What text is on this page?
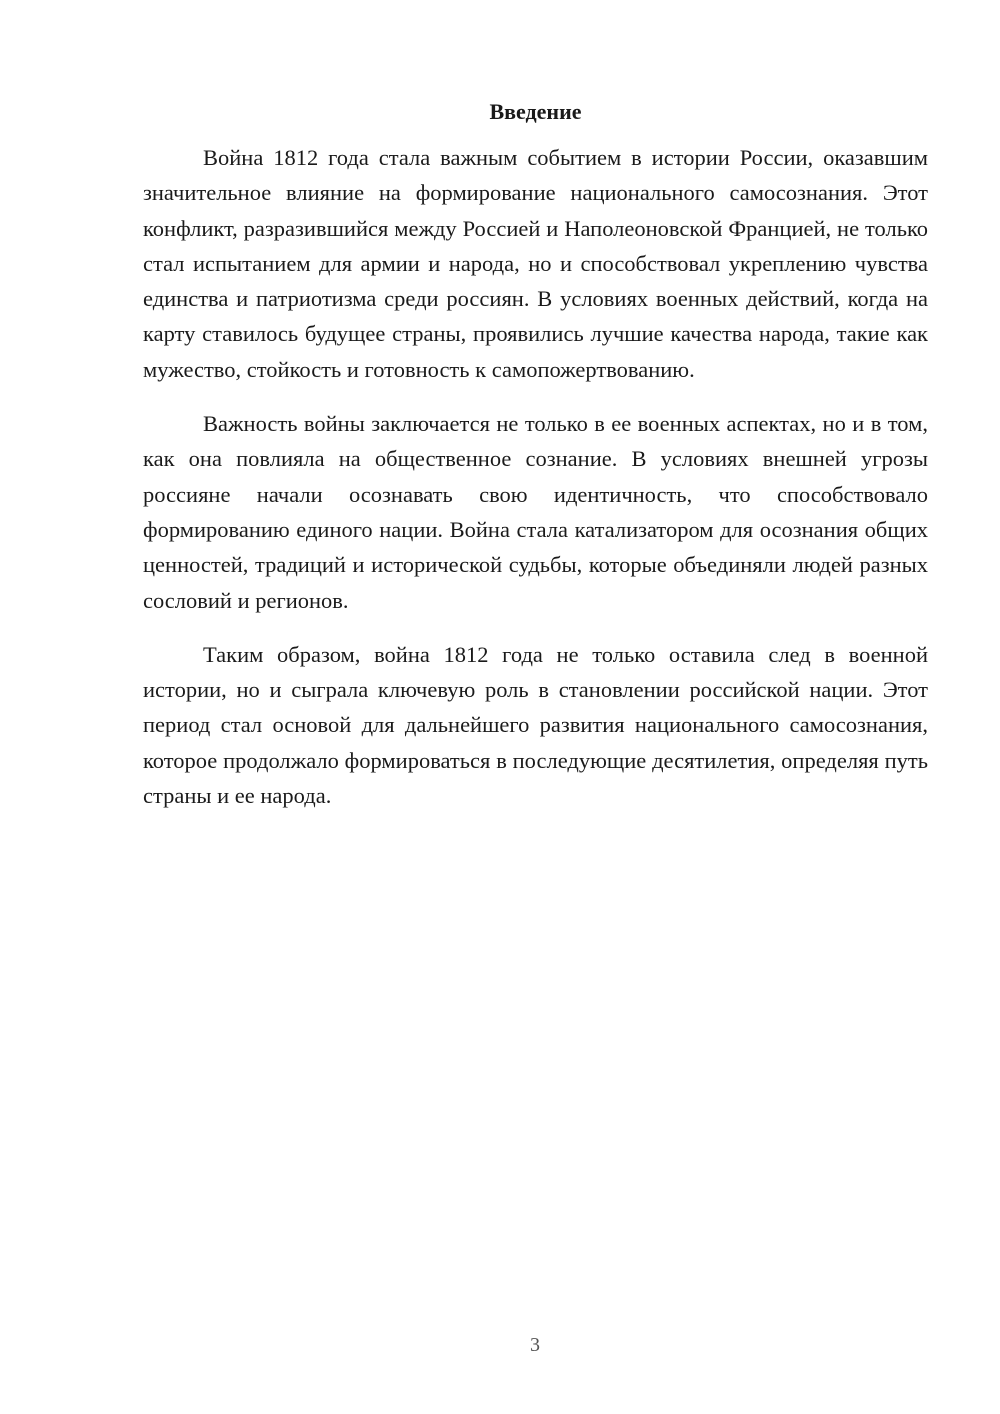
Введение

Война 1812 года стала важным событием в истории России, оказавшим значительное влияние на формирование национального самосознания. Этот конфликт, разразившийся между Россией и Наполеоновской Францией, не только стал испытанием для армии и народа, но и способствовал укреплению чувства единства и патриотизма среди россиян. В условиях военных действий, когда на карту ставилось будущее страны, проявились лучшие качества народа, такие как мужество, стойкость и готовность к самопожертвованию.

Важность войны заключается не только в ее военных аспектах, но и в том, как она повлияла на общественное сознание. В условиях внешней угрозы россияне начали осознавать свою идентичность, что способствовало формированию единого нации. Война стала катализатором для осознания общих ценностей, традиций и исторической судьбы, которые объединяли людей разных сословий и регионов.

Таким образом, война 1812 года не только оставила след в военной истории, но и сыграла ключевую роль в становлении российской нации. Этот период стал основой для дальнейшего развития национального самосознания, которое продолжало формироваться в последующие десятилетия, определяя путь страны и ее народа.

3
